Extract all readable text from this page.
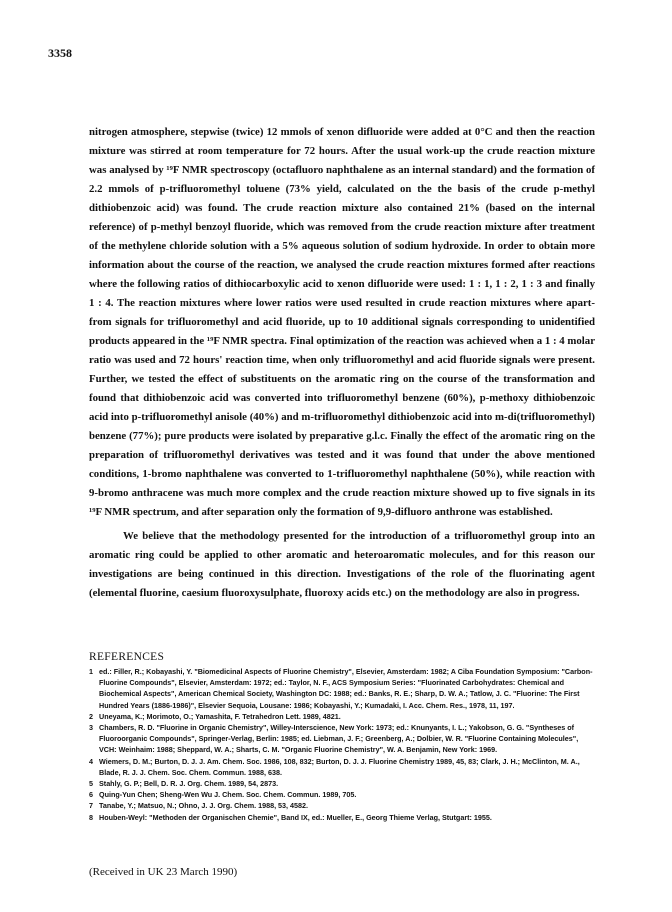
3358

nitrogen atmosphere, stepwise (twice) 12 mmols of xenon difluoride were added at 0°C and then the reaction mixture was stirred at room temperature for 72 hours. After the usual work-up the crude reaction mixture was analysed by ¹⁹F NMR spectroscopy (octafluoro naphthalene as an internal standard) and the formation of 2.2 mmols of p-trifluoromethyl toluene (73% yield, calculated on the the basis of the crude p-methyl dithiobenzoic acid) was found. The crude reaction mixture also contained 21% (based on the internal reference) of p-methyl benzoyl fluoride, which was removed from the crude reaction mixture after treatment of the methylene chloride solution with a 5% aqueous solution of sodium hydroxide. In order to obtain more information about the course of the reaction, we analysed the crude reaction mixtures formed after reactions where the following ratios of dithiocarboxylic acid to xenon difluoride were used: 1 : 1, 1 : 2, 1 : 3 and finally 1 : 4. The reaction mixtures where lower ratios were used resulted in crude reaction mixtures where apart-from signals for trifluoromethyl and acid fluoride, up to 10 additional signals corresponding to unidentified products appeared in the ¹⁹F NMR spectra. Final optimization of the reaction was achieved when a 1 : 4 molar ratio was used and 72 hours' reaction time, when only trifluoromethyl and acid fluoride signals were present. Further, we tested the effect of substituents on the aromatic ring on the course of the transformation and found that dithiobenzoic acid was converted into trifluoromethyl benzene (60%), p-methoxy dithiobenzoic acid into p-trifluoromethyl anisole (40%) and m-trifluoromethyl dithiobenzoic acid into m-di(trifluoromethyl) benzene (77%); pure products were isolated by preparative g.l.c. Finally the effect of the aromatic ring on the preparation of trifluoromethyl derivatives was tested and it was found that under the above mentioned conditions, 1-bromo naphthalene was converted to 1-trifluoromethyl naphthalene (50%), while reaction with 9-bromo anthracene was much more complex and the crude reaction mixture showed up to five signals in its ¹⁹F NMR spectrum, and after separation only the formation of 9,9-difluoro anthrone was established.

We believe that the methodology presented for the introduction of a trifluoromethyl group into an aromatic ring could be applied to other aromatic and heteroaromatic molecules, and for this reason our investigations are being continued in this direction. Investigations of the role of the fluorinating agent (elemental fluorine, caesium fluoroxysulphate, fluoroxy acids etc.) on the methodology are also in progress.

REFERENCES
1 ed.: Filler, R.; Kobayashi, Y. "Biomedicinal Aspects of Fluorine Chemistry", Elsevier, Amsterdam: 1982; A Ciba Foundation Symposium: "Carbon-Fluorine Compounds", Elsevier, Amsterdam: 1972; ed.: Taylor, N. F., ACS Symposium Series: "Fluorinated Carbohydrates: Chemical and Biochemical Aspects", American Chemical Society, Washington DC: 1988; ed.: Banks, R. E.; Sharp, D. W. A.; Tatlow, J. C. "Fluorine: The First Hundred Years (1886-1986)", Elsevier Sequoia, Lousane: 1986; Kobayashi, Y.; Kumadaki, I. Acc. Chem. Res., 1978, 11, 197.
2 Uneyama, K.; Morimoto, O.; Yamashita, F. Tetrahedron Lett. 1989, 4821.
3 Chambers, R. D. "Fluorine in Organic Chemistry", Willey-Interscience, New York: 1973; ed.: Knunyants, I. L.; Yakobson, G. G. "Syntheses of Fluoroorganic Compounds", Springer-Verlag, Berlin: 1985; ed. Liebman, J. F.; Greenberg, A.; Dolbier, W. R. "Fluorine Containing Molecules", VCH: Weinhaim: 1988; Sheppard, W. A.; Sharts, C. M. "Organic Fluorine Chemistry", W. A. Benjamin, New York: 1969.
4 Wiemers, D. M.; Burton, D. J. J. Am. Chem. Soc. 1986, 108, 832; Burton, D. J. J. Fluorine Chemistry 1989, 45, 83; Clark, J. H.; McClinton, M. A., Blade, R. J. J. Chem. Soc. Chem. Commun. 1988, 638.
5 Stahly, G. P.; Bell, D. R. J. Org. Chem. 1989, 54, 2873.
6 Quing-Yun Chen; Sheng-Wen Wu J. Chem. Soc. Chem. Commun. 1989, 705.
7 Tanabe, Y.; Matsuo, N.; Ohno, J. J. Org. Chem. 1988, 53, 4582.
8 Houben-Weyl: "Methoden der Organischen Chemie", Band IX, ed.: Mueller, E., Georg Thieme Verlag, Stutgart: 1955.
(Received in UK 23 March 1990)
